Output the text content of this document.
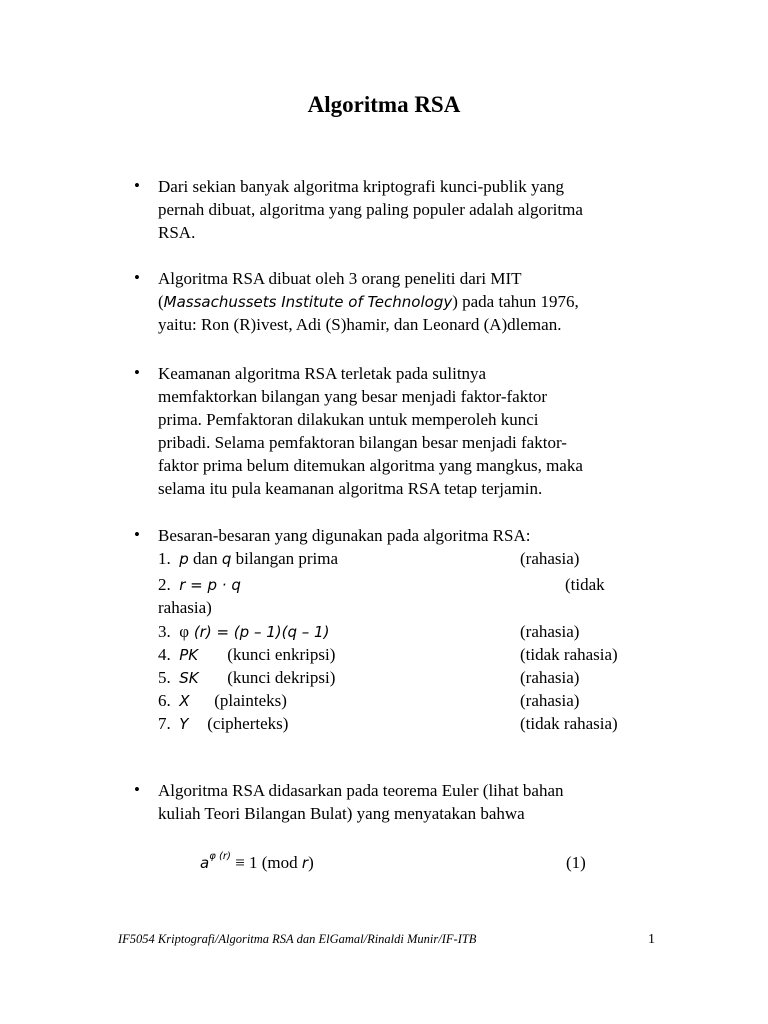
Algoritma RSA
• Dari sekian banyak algoritma kriptografi kunci-publik yang
pernah dibuat, algoritma yang paling populer adalah algoritma
RSA.
• Algoritma RSA dibuat oleh 3 orang peneliti dari MIT
(Massachussets Institute of Technology) pada tahun 1976,
yaitu: Ron (R)ivest, Adi (S)hamir, dan Leonard (A)dleman.
• Keamanan algoritma RSA terletak pada sulitnya
memfaktorkan bilangan yang besar menjadi faktor-faktor
prima. Pemfaktoran dilakukan untuk memperoleh kunci
pribadi. Selama pemfaktoran bilangan besar menjadi faktor-
faktor prima belum ditemukan algoritma yang mangkus, maka
selama itu pula keamanan algoritma RSA tetap terjamin.
• Besaran-besaran yang digunakan pada algoritma RSA:
1. p dan q bilangan prima	(rahasia)
2. r = p · q	(tidak
rahasia)
3. φ (r) = (p – 1)(q – 1)	(rahasia)
4. PK (kunci enkripsi)	(tidak rahasia)
5. SK (kunci dekripsi)	(rahasia)
6. X (plainteks)	(rahasia)
7. Y (cipherteks)	(tidak rahasia)
• Algoritma RSA didasarkan pada teorema Euler (lihat bahan
kuliah Teori Bilangan Bulat) yang menyatakan bahwa
$a^{\varphi (r)} \equiv 1$ (mod r)	(1)
IF5054 Kriptografi/Algoritma RSA dan ElGamal/Rinaldi Munir/IF-ITB	1
